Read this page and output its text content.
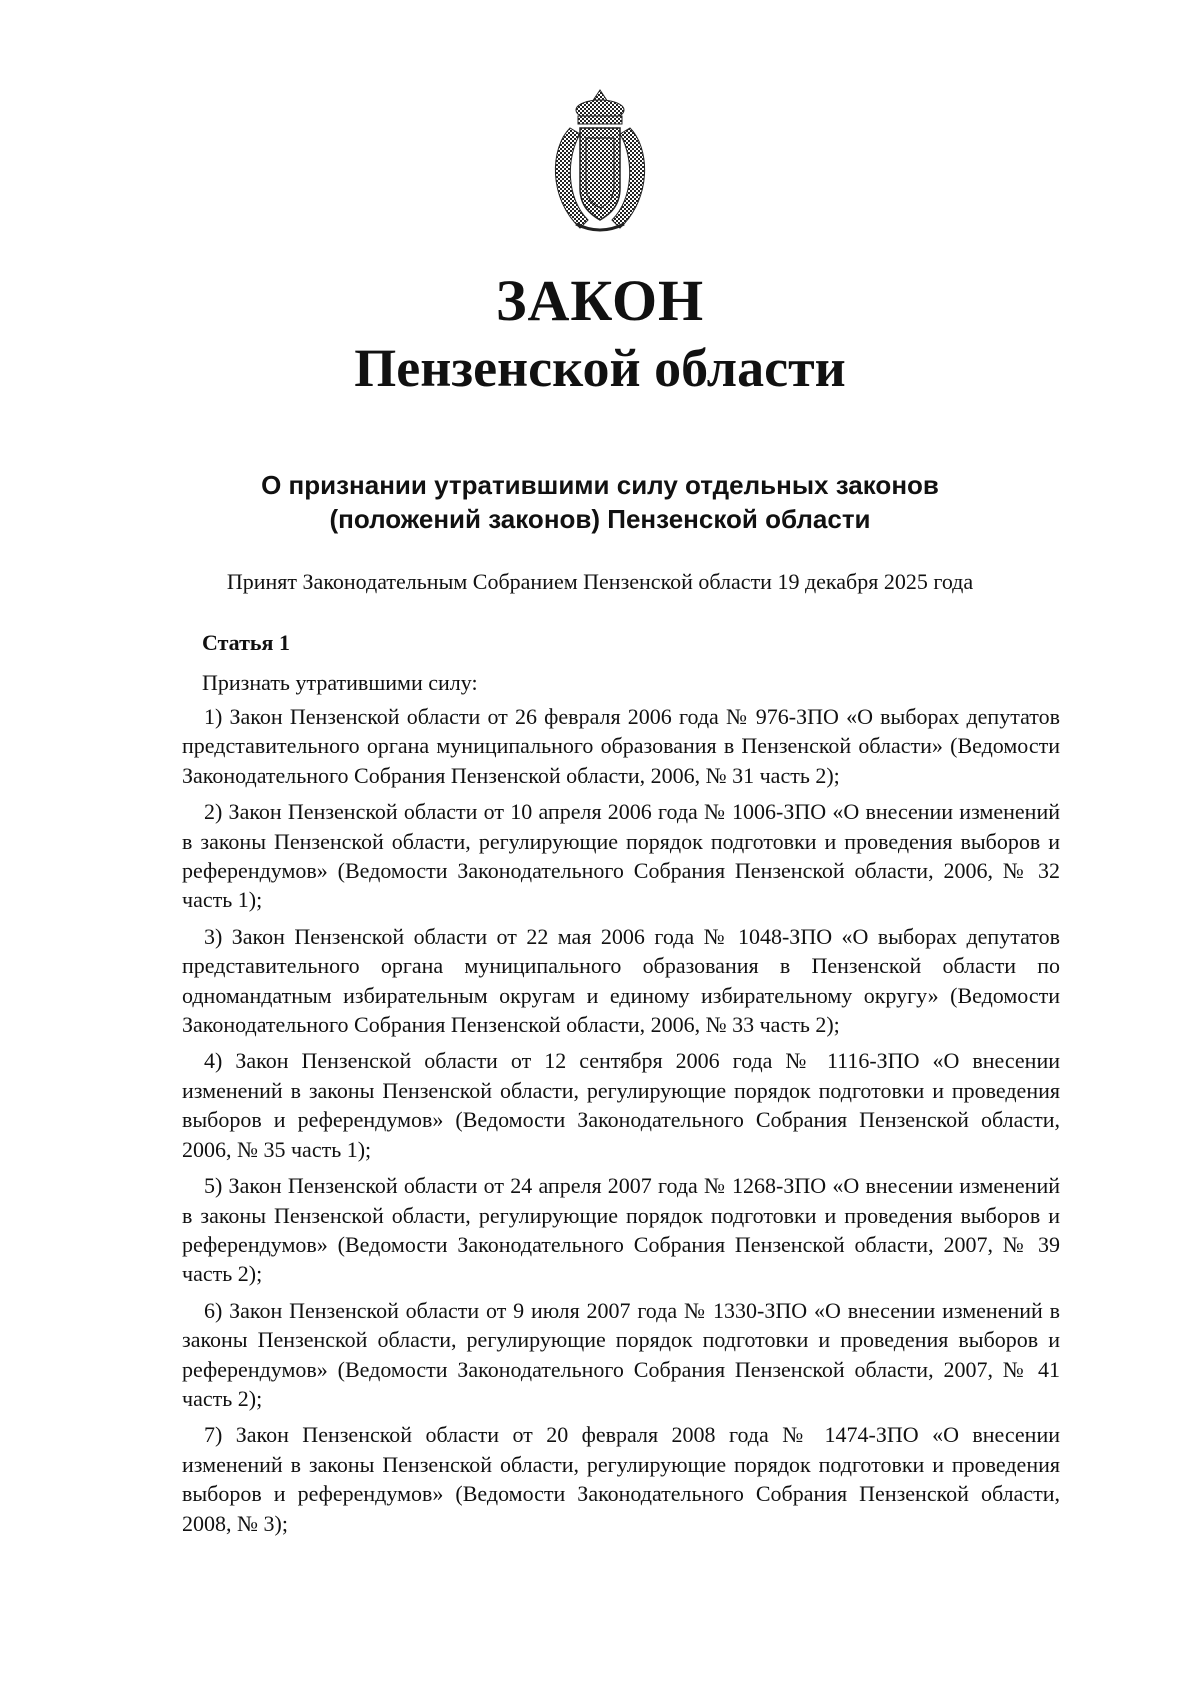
ЗАКОН
Пензенской области
О признании утратившими силу отдельных законов
(положений законов) Пензенской области
Принят Законодательным Собранием Пензенской области 19 декабря 2025 года
Статья 1
Признать утратившими силу:

1) Закон Пензенской области от 26 февраля 2006 года № 976-ЗПО «О выборах депутатов представительного органа муниципального образования в Пензенской области» (Ведомости Законодательного Собрания Пензенской области, 2006, № 31 часть 2);

2) Закон Пензенской области от 10 апреля 2006 года № 1006-ЗПО «О внесении изменений в законы Пензенской области, регулирующие порядок подготовки и проведения выборов и референдумов» (Ведомости Законодательного Собрания Пензенской области, 2006, № 32 часть 1);

3) Закон Пензенской области от 22 мая 2006 года № 1048-ЗПО «О выборах депутатов представительного органа муниципального образования в Пензенской области по одномандатным избирательным округам и единому избирательному округу» (Ведомости Законодательного Собрания Пензенской области, 2006, № 33 часть 2);

4) Закон Пензенской области от 12 сентября 2006 года № 1116-ЗПО «О внесении изменений в законы Пензенской области, регулирующие порядок подготовки и проведения выборов и референдумов» (Ведомости Законодательного Собрания Пензенской области, 2006, № 35 часть 1);

5) Закон Пензенской области от 24 апреля 2007 года № 1268-ЗПО «О внесении изменений в законы Пензенской области, регулирующие порядок подготовки и проведения выборов и референдумов» (Ведомости Законодательного Собрания Пензенской области, 2007, № 39 часть 2);

6) Закон Пензенской области от 9 июля 2007 года № 1330-ЗПО «О внесении изменений в законы Пензенской области, регулирующие порядок подготовки и проведения выборов и референдумов» (Ведомости Законодательного Собрания Пензенской области, 2007, № 41 часть 2);

7) Закон Пензенской области от 20 февраля 2008 года № 1474-ЗПО «О внесении изменений в законы Пензенской области, регулирующие порядок подготовки и проведения выборов и референдумов» (Ведомости Законодательного Собрания Пензенской области, 2008, № 3);
